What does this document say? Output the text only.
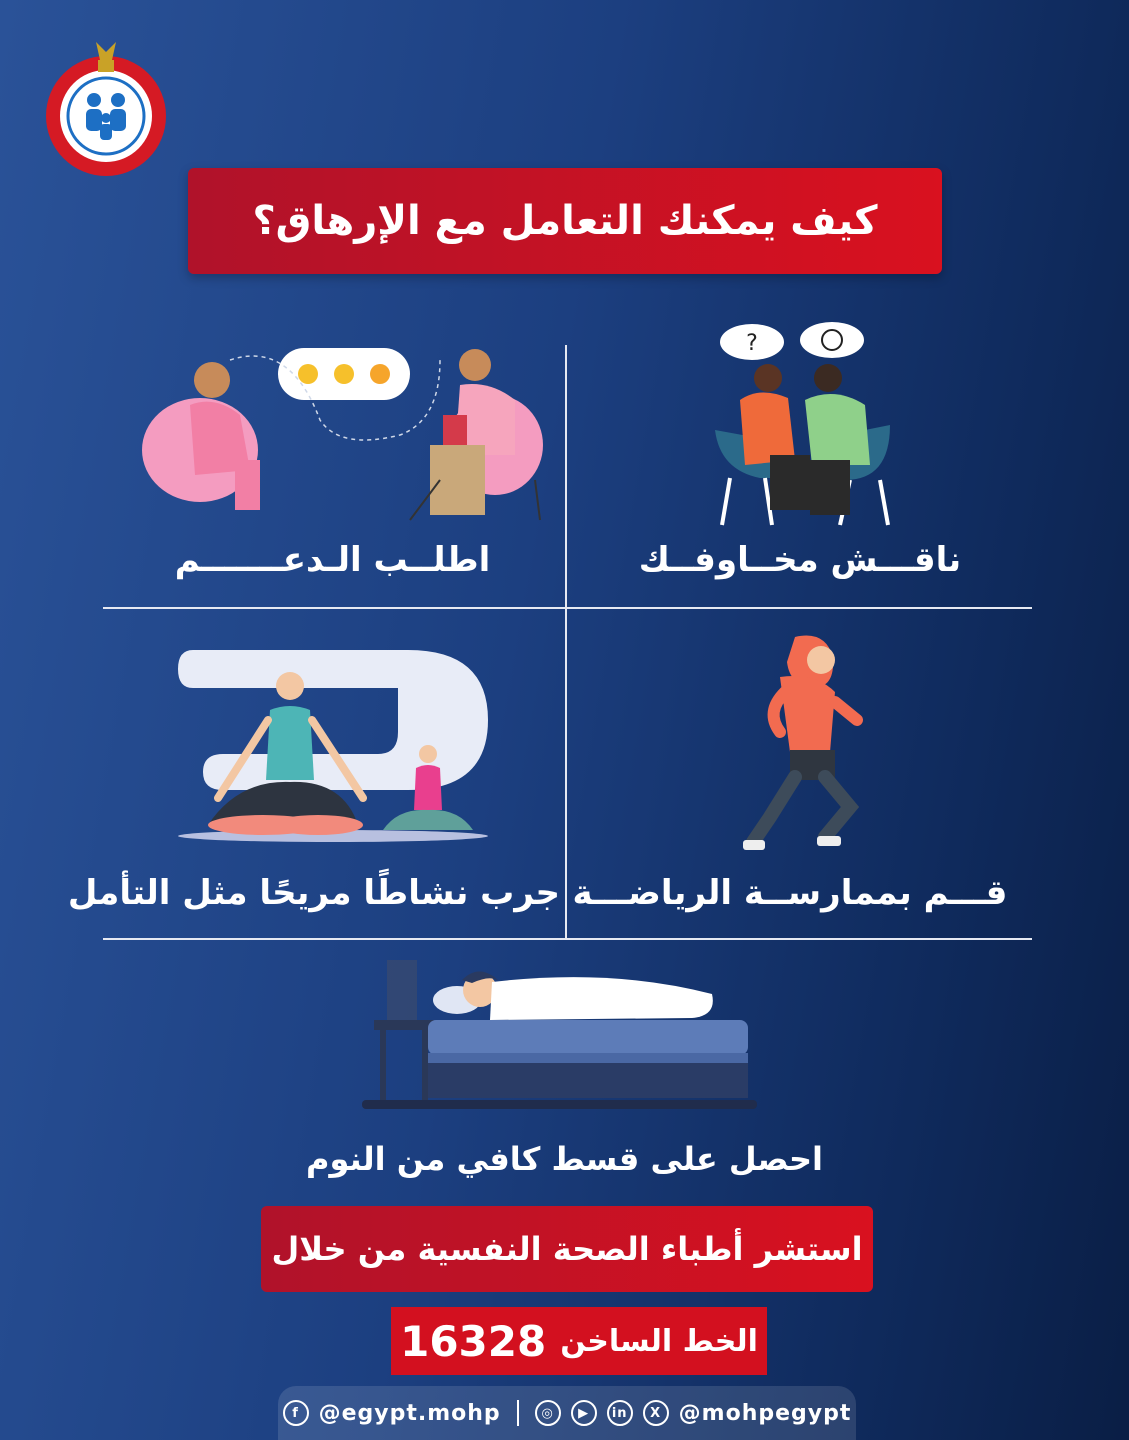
كيف يمكنك التعامل مع الإرهاق؟
?
ناقـــش مخــاوفــك
اطلــب الـدعـــــــم
قـــم بممارســة الرياضـــة
جرب نشاطًا مريحًا مثل التأمل
احصل على قسط كافي من النوم
استشر أطباء الصحة النفسية من خلال
الخط الساخن
16328
f @egypt.mohp	◎	▶	in	X @mohpegypt
